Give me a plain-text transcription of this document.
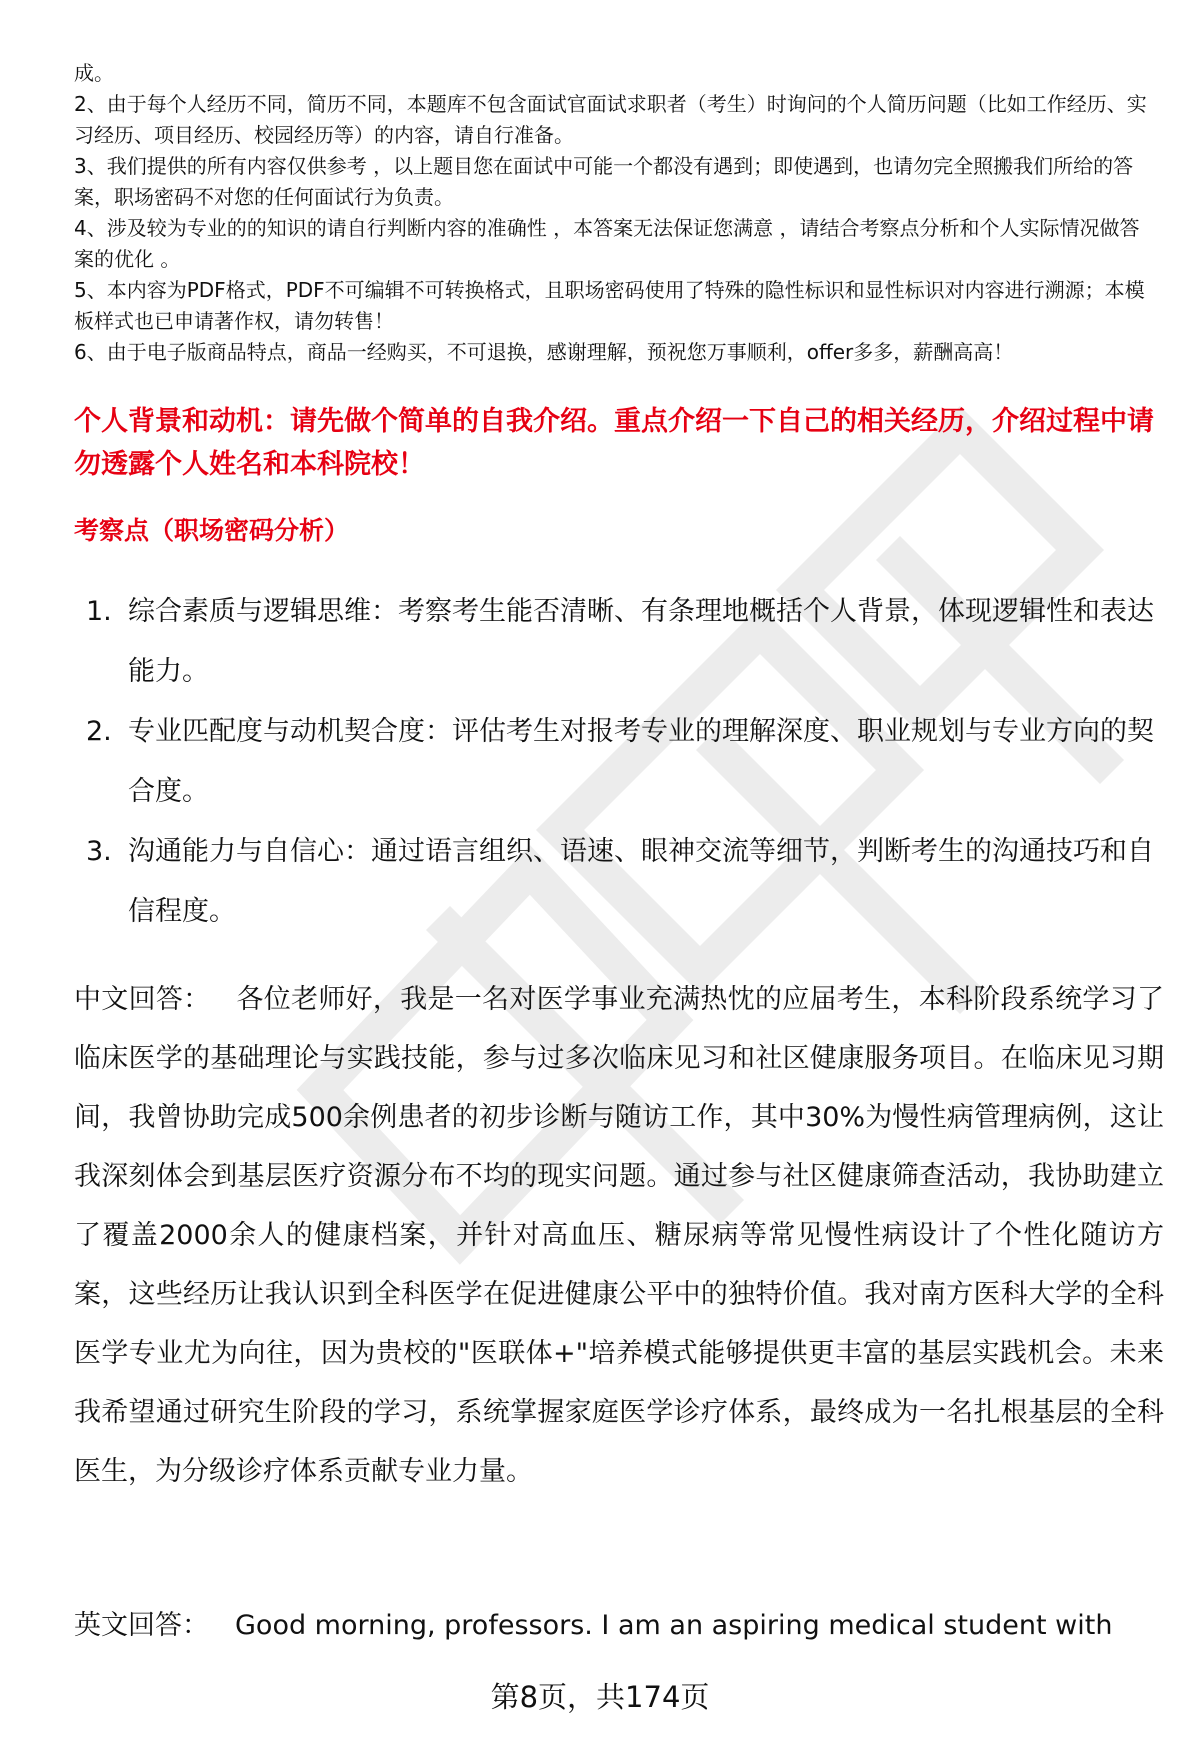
成。

2、由于每个人经历不同，简历不同，本题库不包含面试官面试求职者（考生）时询问的个人简历问题（比如工作经历、实习经历、项目经历、校园经历等）的内容，请自行准备。

3、我们提供的所有内容仅供参考 ，以上题目您在面试中可能一个都没有遇到；即使遇到，也请勿完全照搬我们所给的答案，职场密码不对您的任何面试行为负责。

4、涉及较为专业的的知识的请自行判断内容的准确性 ，本答案无法保证您满意 ，请结合考察点分析和个人实际情况做答案的优化 。

5、本内容为PDF格式，PDF不可编辑不可转换格式，且职场密码使用了特殊的隐性标识和显性标识对内容进行溯源；本模板样式也已申请著作权，请勿转售！

6、由于电子版商品特点，商品一经购买，不可退换，感谢理解，预祝您万事顺利，offer多多，薪酬高高！

个人背景和动机：请先做个简单的自我介绍。重点介绍一下自己的相关经历，介绍过程中请勿透露个人姓名和本科院校！

考察点（职场密码分析）

1. 综合素质与逻辑思维：考察考生能否清晰、有条理地概括个人背景，体现逻辑性和表达能力。
2. 专业匹配度与动机契合度：评估考生对报考专业的理解深度、职业规划与专业方向的契合度。
3. 沟通能力与自信心：通过语言组织、语速、眼神交流等细节，判断考生的沟通技巧和自信程度。

中文回答： 各位老师好，我是一名对医学事业充满热忱的应届考生，本科阶段系统学习了临床医学的基础理论与实践技能，参与过多次临床见习和社区健康服务项目。在临床见习期间，我曾协助完成500余例患者的初步诊断与随访工作，其中30%为慢性病管理病例，这让我深刻体会到基层医疗资源分布不均的现实问题。通过参与社区健康筛查活动，我协助建立了覆盖2000余人的健康档案，并针对高血压、糖尿病等常见慢性病设计了个性化随访方案，这些经历让我认识到全科医学在促进健康公平中的独特价值。我对南方医科大学的全科医学专业尤为向往，因为贵校的"医联体+"培养模式能够提供更丰富的基层实践机会。未来我希望通过研究生阶段的学习，系统掌握家庭医学诊疗体系，最终成为一名扎根基层的全科医生，为分级诊疗体系贡献专业力量。

英文回答： Good morning, professors. I am an aspiring medical student with

第8页，共174页
